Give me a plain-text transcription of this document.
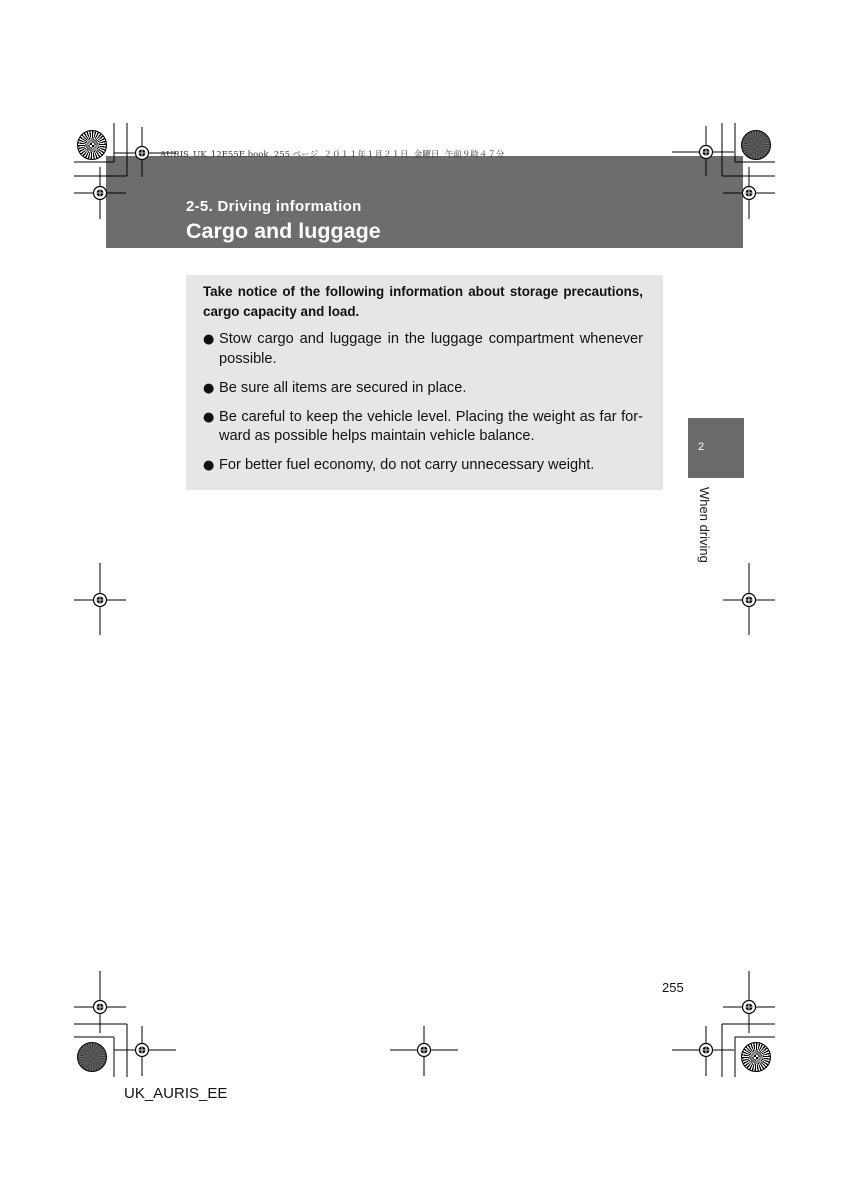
AURIS_UK_12E55E.book  255 ページ  ２０１１年１月２１日  金曜日  午前９時４７分
2-5. Driving information
Cargo and luggage
Take notice of the following information about storage precautions,
cargo capacity and load.
● Stow cargo and luggage in the luggage compartment whenever
possible.
● Be sure all items are secured in place.
● Be careful to keep the vehicle level. Placing the weight as far for-
ward as possible helps maintain vehicle balance.
● For better fuel economy, do not carry unnecessary weight.
2
When driving
255
UK_AURIS_EE
